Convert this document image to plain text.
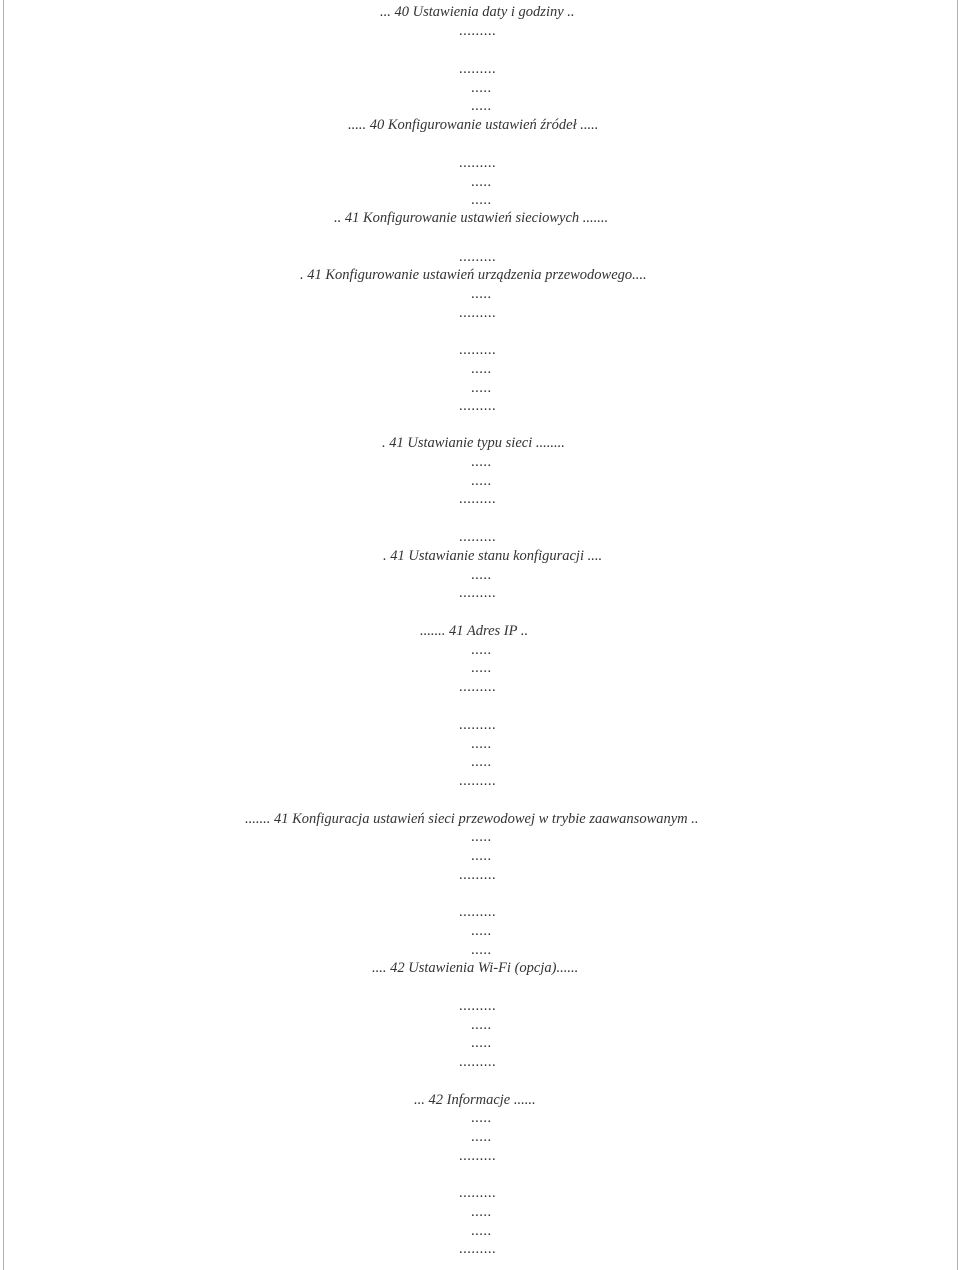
... 40 Ustawienia daty i godziny ..
.........
.........
.....
.....
..... 40 Konfigurowanie ustawień źródeł .....
.........
.....
.....
.. 41 Konfigurowanie ustawień sieciowych .......
.........
. 41 Konfigurowanie ustawień urządzenia przewodowego....
.....
.........
.........
.....
.....
.........
. 41 Ustawianie typu sieci ........
.....
.....
.........
.........
. 41 Ustawianie stanu konfiguracji ....
.....
.........
....... 41 Adres IP ..
.....
.....
.........
.........
.....
.....
.........
....... 41 Konfiguracja ustawień sieci przewodowej w trybie zaawansowanym ..
.....
.....
.........
.........
.....
.....
.... 42 Ustawienia Wi-Fi (opcja)......
.........
.....
.....
.........
... 42 Informacje ......
.....
.....
.........
.........
.....
.....
.........
